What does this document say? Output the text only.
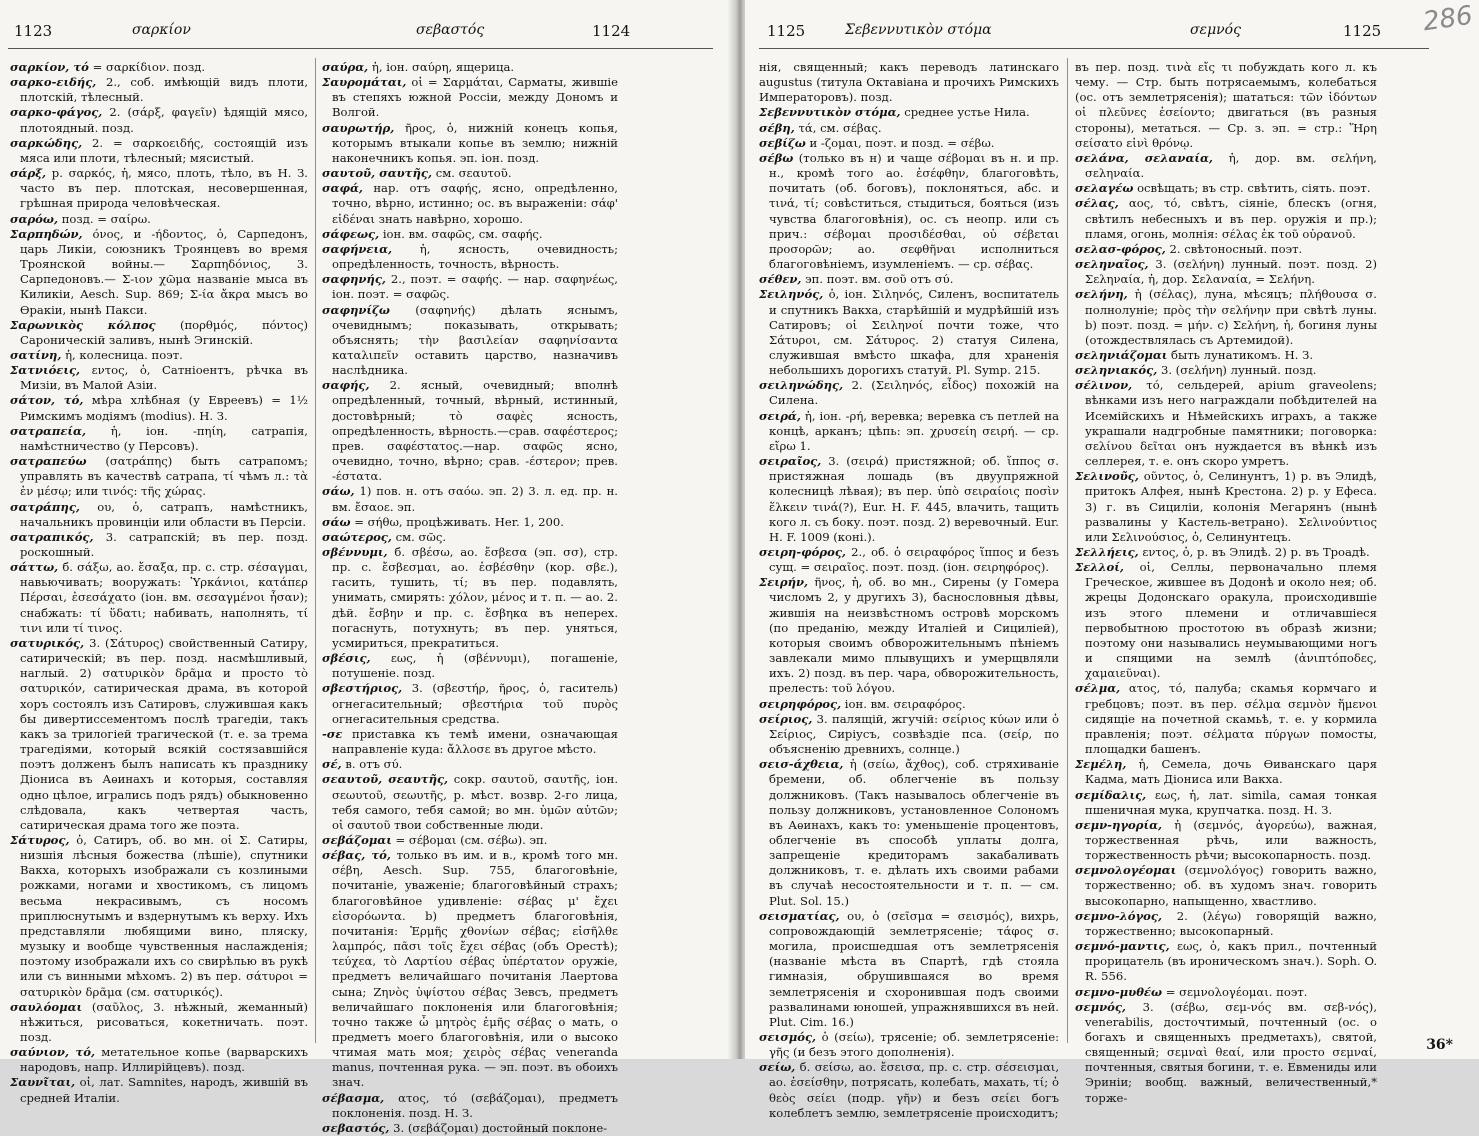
1123	σαρκίον	σεβαστός	1124

σαρκίον, τό = σαρκίδιον. позд.

σαρκο-ειδής, 2., соб. имѣющій видъ плоти, плотскій, тѣлесный.

σαρκο-φάγος, 2. (σάρξ, φαγεῖν) ѣдящій мясо, плотоядный. позд.

σαρκώδης, 2. = σαρκοειδής, состоящій изъ мяса или плоти, тѣлесный; мясистый.

σάρξ, р. σαρκός, ἡ, мясо, плоть, тѣло, въ Н. З. часто въ пер. плотская, несовершенная, грѣшная природа человѣческая.

σαρόω, позд. = σαίρω.

Σαρπηδών, όνος, и -ήδοντος, ὁ, Сарпедонъ, царь Ликіи, союзникъ Троянцевъ во время Троянской войны.— Σαρπηδόνιος, 3. Сарпедоновъ.— Σ-ιον χῶμα названіе мыса въ Киликіи, Aesch. Sup. 869; Σ-ία ἄκρα мысъ во Ѳракіи, нынѣ Пакси.

Σαρωνικὸς κόλπος (πορθμός, πόντος) Сароническій заливъ, нынѣ Эгинскій.

σατίνη, ἡ, колесница. поэт.

Σατνιόεις, εντος, ὁ, Сатніоентъ, рѣчка въ Мизіи, въ Малой Азіи.

σάτον, τό, мѣра хлѣбная (у Евреевъ) = 1½ Римскимъ модіямъ (modius). Н. З.

σατραπεία, ἡ, іон. -πηίη, сатрапія, намѣстничество (у Персовъ).

σατραπεύω (σατράπης) быть сатрапомъ; управлять въ качествѣ сатрапа, τί чѣмъ л.: τὰ ἐν μέσῳ; или τινός: τῆς χώρας.

σατράπης, ου, ὁ, сатрапъ, намѣстникъ, начальникъ провинціи или области въ Персіи.

σατραπικός, 3. сатрапскій; въ пер. позд. роскошный.

σάττω, б. σάξω, ао. ἔσαξα, пр. с. стр. σέσαγμαι, навьючивать; вооружать: Ὑρκάνιοι, κατάπερ Πέρσαι, ἐσεσάχατο (іон. вм. σεσαγμένοι ἦσαν); снабжать: τί ὕδατι; набивать, наполнять, τί τινι или τί τινος.

σατυρικός, 3. (Σάτυρος) свойственный Сатиру, сатирическій; въ пер. позд. насмѣшливый, наглый. 2) σατυρικὸν δρᾶμα и просто τὸ σατυρικόν, сатирическая драма, въ которой хоръ состоялъ изъ Сатировъ, служившая какъ бы дивертиссементомъ послѣ трагедіи, такъ какъ за трилогіей трагической (т. е. за трема трагедіями, который всякій состязавшійся поэтъ долженъ былъ написать къ празднику Діониса въ Аѳинахъ и которыя, составляя одно цѣлое, игрались подъ рядъ) обыкновенно слѣдовала, какъ четвертая часть, сатирическая драма того же поэта.

Σάτυρος, ὁ, Сатиръ, об. во мн. οἱ Σ. Сатиры, низшія лѣсныя божества (лѣшіе), спутники Вакха, которыхъ изображали съ козлиными рожками, ногами и хвостикомъ, съ лицомъ весьма некрасивымъ, съ носомъ приплюснутымъ и вздернутымъ къ верху. Ихъ представляли любящими вино, пляску, музыку и вообще чувственныя наслажденія; поэтому изображали ихъ со свирѣлью въ рукѣ или съ винными мѣхомъ. 2) въ пер. σάτυροι = σατυρικὸν δρᾶμα (см. σατυρικός).

σαυλόομαι (σαῦλος, 3. нѣжный, жеманный) нѣжиться, рисоваться, кокетничать. поэт. позд.

σαύνιον, τό, метательное копье (варварскихъ народовъ, напр. Иллирійцевъ). позд.

Σαυνῖται, οἱ, лат. Samnites, народъ, жившій въ средней Италіи.

σαύρα, ἡ, іон. σαύρη, ящерица.

Σαυρομάται, οἱ = Σαρμάται, Сарматы, жившіе въ степяхъ южной Россіи, между Дономъ и Волгой.

σαυρωτήρ, ῆρος, ὁ, нижній конецъ копья, которымъ втыкали копье въ землю; нижній наконечникъ копья. эп. іон. позд.

σαυτοῦ, σαυτῆς, см. σεαυτοῦ.

σαφά, нар. отъ σαφής, ясно, опредѣленно, точно, вѣрно, истинно; ос. въ выраженіи: σάφ' εἰδέναι знать навѣрно, хорошо.

σάφεως, іон. вм. σαφῶς, см. σαφής.

σαφήνεια, ἡ, ясность, очевидность; опредѣленность, точность, вѣрность.

σαφηνής, 2., поэт. = σαφής. — нар. σαφηνέως, іон. поэт. = σαφῶς.

σαφηνίζω (σαφηνής) дѣлать яснымъ, очевиднымъ; показывать, открывать; объяснять; τὴν βασιλείαν σαφηνίσαντα καταλιπεῖν оставить царство, назначивъ наслѣдника.

σαφής, 2. ясный, очевидный; вполнѣ опредѣленный, точный, вѣрный, истинный, достовѣрный; τὸ σαφὲς ясность, опредѣленность, вѣрность.—срав. σαφέστερος; прев. σαφέστατος.—нар. σαφῶς ясно, очевидно, точно, вѣрно; срав. -έστερον; прев. -έστατα.

σάω, 1) пов. н. отъ σαόω. эп. 2) 3. л. ед. пр. н. вм. ἔσαοε. эп.

σάω = σήθω, процѣживать. Her. 1, 200.

σαώτερος, см. σῶς.

σβέννυμι, б. σβέσω, ао. ἔσβεσα (эп. σσ), стр. пр. с. ἔσβεσμαι, ао. ἐσβέσθην (кор. σβε.), гасить, тушить, τί; въ пер. подавлять, унимать, смирять: χόλον, μένος и т. п. — ао. 2. дѣй. ἔσβην и пр. с. ἔσβηκα въ неперех. погаснуть, потухнуть; въ пер. уняться, усмириться, прекратиться.

σβέσις, εως, ἡ (σβέννυμι), погашеніе, потушеніе. позд.

σβεστήριος, 3. (σβεστήρ, ῆρος, ὁ, гаситель) огнегасительный; σβεστήρια τοῦ πυρὸς огнегасительныя средства.

-σε приставка къ темѣ имени, означающая направленіе куда: ἄλλοσε въ другое мѣсто.

σέ, в. отъ σύ.

σεαυτοῦ, σεαυτῆς, сокр. σαυτοῦ, σαυτῆς, іон. σεωυτοῦ, σεωυτῆς, р. мѣст. возвр. 2-го лица, тебя самого, тебя самой; во мн. ὑμῶν αὐτῶν; οἱ σαυτοῦ твои собственные люди.

σεβάζομαι = σέβομαι (см. σέβω). эп.

σέβας, τό, только въ им. и в., кромѣ того мн. σέβη, Aesch. Sup. 755, благоговѣніе, почитаніе, уваженіе; благоговѣйный страхъ; благоговѣйное удивленіе: σέβας μ' ἔχει εἰσορόωντα. b) предметъ благоговѣнія, почитанія: Ἑρμῆς χθονίων σέβας; εἰσῆλθε λαμπρός, πᾶσι τοῖς ἔχει σέβας (объ Орестѣ); τεύχεα, τὸ Λαρτίου σέβας ὑπέρτατον оружіе, предметъ величайшаго почитанія Лаертова сына; Ζηνὸς ὑψίστου σέβας Зевсъ, предметъ величайшаго поклоненія или благоговѣнія; точно также ὦ μητρὸς ἐμῆς σέβας о мать, о предметъ моего благоговѣнія, или о высоко чтимая мать моя; χειρὸς σέβας veneranda manus, почтенная рука. — эп. поэт. въ обоихъ знач.

σέβασμα, ατος, τό (σεβάζομαι), предметъ поклоненія. позд. Н. З.

σεβαστός, 3. (σεβάζομαι) достойный поклоне-

1125	Σεβεννυτικὸν στόμα	σεμνός	1125

нія, священный; какъ переводъ латинскаго augustus (титула Октавіана и прочихъ Римскихъ Императоровъ). позд.

Σεβεννυτικὸν στόμα, среднее устье Нила.

σέβη, τά, см. σέβας.

σεβίζω и -ζομαι, поэт. и позд. = σέβω.

σέβω (только въ н) и чаще σέβομαι въ н. и пр. н., кромѣ того ао. ἐσέφθην, благоговѣть, почитать (об. боговъ), поклоняться, абс. и τινά, τί; совѣститься, стыдиться, бояться (изъ чувства благоговѣнія), ос. съ неопр. или съ прич.: σέβομαι προσιδέσθαι, οὐ σέβεται προσορῶν; ао. σεφθῆναι исполниться благоговѣніемъ, изумленіемъ. — ср. σέβας.

σέθεν, эп. поэт. вм. σοῦ отъ σύ.

Σειληνός, ὁ, іон. Σιληνός, Силенъ, воспитатель и спутникъ Вакха, старѣйшій и мудрѣйшій изъ Сатировъ; οἱ Σειληνοί почти тоже, что Σάτυροι, см. Σάτυρος. 2) статуя Силена, служившая вмѣсто шкафа, для храненія небольшихъ дорогихъ статуй. Pl. Symp. 215.

σειληνώδης, 2. (Σειληνός, εἶδος) похожій на Силена.

σειρά, ἡ, іон. -ρή, веревка; веревка съ петлей на концѣ, арканъ; цѣпь: эп. χρυσείη σειρή. — ср. εἴρω 1.

σειραῖος, 3. (σειρά) пристяжной; об. ἵππος σ. пристяжная лошадь (въ двуупряжной колесницѣ лѣвая); въ пер. ὑπὸ σειραίοις ποσὶν ἕλκειν τινά(?), Eur. H. F. 445, влачить, тащить кого л. съ боку. поэт. позд. 2) веревочный. Eur. H. F. 1009 (коні.).

σειρη-φόρος, 2., об. ὁ σειραφόρος ἵππος и безъ сущ. = σειραῖος. поэт. позд. (іон. σειρηφόρος).

Σειρήν, ῆνος, ἡ, об. во мн., Сирены (у Гомера числомъ 2, у другихъ 3), баснословныя дѣвы, жившія на неизвѣстномъ островѣ морскомъ (по преданію, между Италіей и Сициліей), которыя своимъ обворожительнымъ пѣніемъ завлекали мимо плывущихъ и умерщвляли ихъ. 2) позд. въ пер. чара, обворожительность, прелесть: τοῦ λόγου.

σειρηφόρος, іон. вм. σειραφόρος.

σείριος, 3. палящій, жгучій: σείριος κύων или ὁ Σείριος, Сиріусъ, созвѣздіе пса. (σείρ, по объясненію древнихъ, солнце.)

σεισ-άχθεια, ἡ (σείω, ἄχθος), соб. стряхиваніе бремени, об. облегченіе въ пользу должниковъ. (Такъ называлось облегченіе въ пользу должниковъ, установленное Солономъ въ Аѳинахъ, какъ то: уменьшеніе процентовъ, облегченіе въ способѣ уплаты долга, запрещеніе кредиторамъ закабаливать должниковъ, т. е. дѣлать ихъ своими рабами въ случаѣ несостоятельности и т. п. — см. Plut. Sol. 15.)

σεισματίας, ου, ὁ (σεῖσμα = σεισμός), вихрь, сопровождающій землетрясеніе; τάφος σ. могила, происшедшая отъ землетрясенія (названіе мѣста въ Спартѣ, гдѣ стояла гимназія, обрушившаяся во время землетрясенія и схоронившая подъ своими развалинами юношей, упражнявшихся въ ней. Plut. Cim. 16.)

σεισμός, ὁ (σείω), трясеніе; об. землетрясеніе: γῆς (и безъ этого дополненія).

σείω, б. σείσω, ао. ἔσεισα, пр. с. стр. σέσεισμαι, ао. ἐσείσθην, потрясать, колебать, махать, τί; ὁ θεὸς σείει (подр. γῆν) и безъ σείει богъ колеблетъ землю, землетрясеніе происходитъ;

въ пер. позд. τινὰ εἴς τι побуждать кого л. къ чему. — Стр. быть потрясаемымъ, колебаться (ос. отъ землетрясенія); шататься: τῶν ἰδόντων οἱ πλεῦνες ἐσείοντο; двигаться (въ разныя стороны), метаться. — Ср. з. эп. = стр.: Ἥρη σείσατο εἰνὶ θρόνῳ.

σελάνα, σελαναία, ἡ, дор. вм. σελήνη, σεληναία.

σελαγέω освѣщать; въ стр. свѣтить, сіять. поэт.

σέλας, αος, τό, свѣтъ, сіяніе, блескъ (огня, свѣтилъ небесныхъ и въ пер. оружія и пр.); пламя, огонь, молнія: σέλας ἐκ τοῦ οὐρανοῦ.

σελασ-φόρος, 2. свѣтоносный. поэт.

σεληναῖος, 3. (σελήνη) лунный. поэт. позд. 2) Σεληναία, ἡ, дор. Σελαναία, = Σελήνη.

σελήνη, ἡ (σέλας), луна, мѣсяцъ; πλήθουσα σ. полнолуніе; πρὸς τὴν σελήνην при свѣтѣ луны. b) поэт. позд. = μήν. c) Σελήνη, ἡ, богиня луны (отождествлялась съ Артемидой).

σεληνιάζομαι быть лунатикомъ. Н. З.

σεληνιακός, 3. (σελήνη) лунный. позд.

σέλινον, τό, сельдерей, apium graveolens; вѣнками изъ него награждали побѣдителей на Исемійскихъ и Нѣмейскихъ играхъ, а также украшали надгробные памятники; поговорка: σελίνου δεῖται онъ нуждается въ вѣнкѣ изъ селлерея, т. е. онъ скоро умретъ.

Σελινοῦς, οῦντος, ὁ, Селинунтъ, 1) р. въ Элидѣ, притокъ Алфея, нынѣ Крестона. 2) р. у Ефеса. 3) г. въ Сициліи, колонія Мегарянъ (нынѣ развалины у Кастель-ветрано). Σελινούντιος или Σελινούσιος, ὁ, Селинунтецъ.

Σελλήεις, εντος, ὁ, р. въ Элидѣ. 2) р. въ Троадѣ.

Σελλοί, οἱ, Селлы, первоначально племя Греческое, жившее въ Додонѣ и около нея; об. жрецы Додонскаго оракула, происходившіе изъ этого племени и отличавшіеся первобытною простотою въ образѣ жизни; поэтому они назывались неумывающими ногъ и спящими на землѣ (ἀνιπτόποδες, χαμαιεῦναι).

σέλμα, ατος, τό, палуба; скамья кормчаго и гребцовъ; поэт. въ пер. σέλμα σεμνὸν ἥμενοι сидящіе на почетной скамьѣ, т. е. у кормила правленія; поэт. σέλματα πύργων помосты, площадки башенъ.

Σεμέλη, ἡ, Семела, дочь Ѳиванскаго царя Кадма, мать Діониса или Вакха.

σεμίδαλις, εως, ἡ, лат. simila, самая тонкая пшеничная мука, крупчатка. позд. Н. З.

σεμν-ηγορία, ἡ (σεμνός, ἀγορεύω), важная, торжественная рѣчь, или важность, торжественность рѣчи; высокопарность. позд.

σεμνολογέομαι (σεμνολόγος) говорить важно, торжественно; об. въ худомъ знач. говорить высокопарно, напыщенно, хвастливо.

σεμνο-λόγος, 2. (λέγω) говорящій важно, торжественно; высокопарный.

σεμνό-μαντις, εως, ὁ, какъ прил., почтенный прорицатель (въ ироническомъ знач.). Soph. O. R. 556.

σεμνο-μυθέω = σεμνολογέομαι. поэт.

σεμνός, 3. (σέβω, σεμ-νός вм. σεβ-νός), venerabilis, досточтимый, почтенный (ос. о богахъ и священныхъ предметахъ), святой, священный; σεμναὶ θεαί, или просто σεμναί, почтенныя, святыя богини, т. е. Евмениды или Эриніи; вообщ. важный, величественный,* торже-

286
36*
